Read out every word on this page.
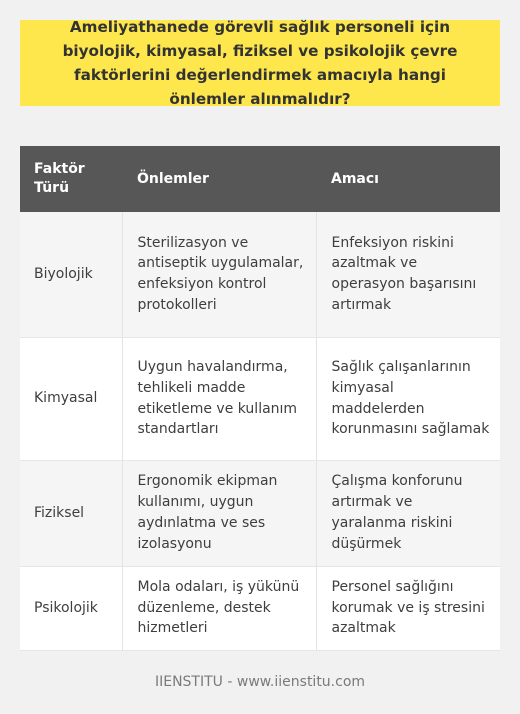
Ameliyathanede görevli sağlık personeli için biyolojik, kimyasal, fiziksel ve psikolojik çevre faktörlerini değerlendirmek amacıyla hangi önlemler alınmalıdır?
Faktör Türü	Önlemler	Amacı
Biyolojik	Sterilizasyon ve antiseptik uygulamalar, enfeksiyon kontrol protokolleri	Enfeksiyon riskini azaltmak ve operasyon başarısını artırmak
Kimyasal	Uygun havalandırma, tehlikeli madde etiketleme ve kullanım standartları	Sağlık çalışanlarının kimyasal maddelerden korunmasını sağlamak
Fiziksel	Ergonomik ekipman kullanımı, uygun aydınlatma ve ses izolasyonu	Çalışma konforunu artırmak ve yaralanma riskini düşürmek
Psikolojik	Mola odaları, iş yükünü düzenleme, destek hizmetleri	Personel sağlığını korumak ve iş stresini azaltmak
IIENSTITU - www.iienstitu.com
